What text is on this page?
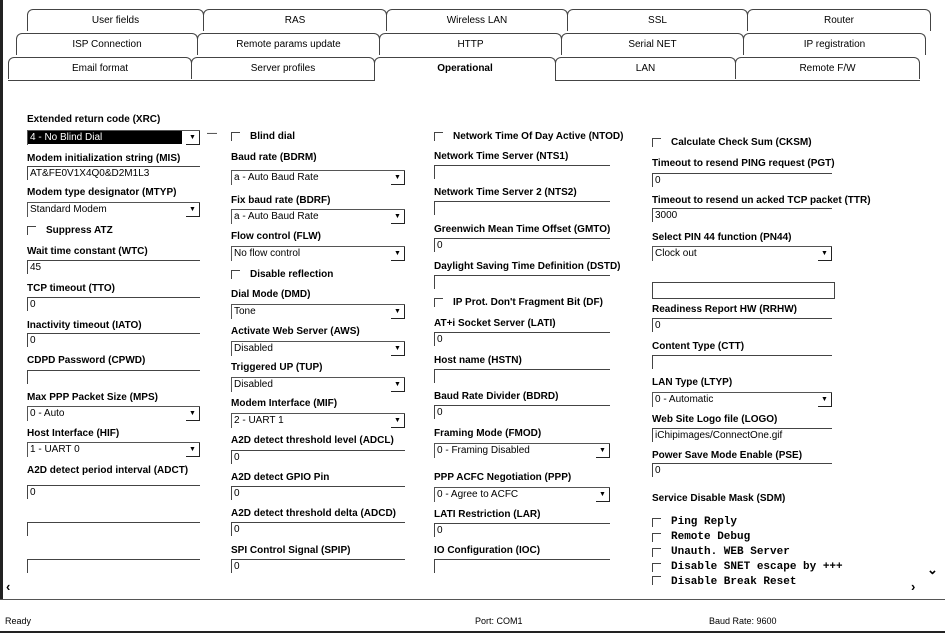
User fields	RAS	Wireless LAN	SSL	Router
ISP Connection	Remote params update	HTTP	Serial NET	IP registration
Email format	Server profiles	Operational	LAN	Remote F/W
Extended return code (XRC)
4 - No Blind Dial	▼
Modem initialization string (MIS)
AT&FE0V1X4Q0&D2M1L3
Modem type designator (MTYP)
Standard Modem	▼
Suppress ATZ
Wait time constant (WTC)
45
TCP timeout (TTO)
0
Inactivity timeout (IATO)
0
CDPD Password (CPWD)
Max PPP Packet Size (MPS)
0 - Auto	▼
Host Interface (HIF)
1 - UART 0	▼
A2D detect period interval (ADCT)
0
Blind dial
Baud rate (BDRM)
a - Auto Baud Rate	▼
Fix baud rate (BDRF)
a - Auto Baud Rate	▼
Flow control (FLW)
No flow control	▼
Disable reflection
Dial Mode (DMD)
Tone	▼
Activate Web Server (AWS)
Disabled	▼
Triggered UP (TUP)
Disabled	▼
Modem Interface (MIF)
2 - UART 1	▼
A2D detect threshold level (ADCL)
0
A2D detect GPIO Pin
0
A2D detect threshold delta (ADCD)
0
SPI Control Signal (SPIP)
0
Network Time Of Day Active (NTOD)
Network Time Server (NTS1)
Network Time Server 2 (NTS2)
Greenwich Mean Time Offset (GMTO)
0
Daylight Saving Time Definition (DSTD)
IP Prot. Don't Fragment Bit (DF)
AT+i Socket Server (LATI)
0
Host name (HSTN)
Baud Rate Divider (BDRD)
0
Framing Mode (FMOD)
0 - Framing Disabled	▼
PPP ACFC Negotiation (PPP)
0 - Agree to ACFC	▼
LATI Restriction (LAR)
0
IO Configuration (IOC)
Calculate Check Sum (CKSM)
Timeout to resend PING request (PGT)
0
Timeout to resend un acked TCP packet (TTR)
3000
Select PIN 44 function (PN44)
Clock out	▼
Readiness Report HW (RRHW)
0
Content Type (CTT)
LAN Type (LTYP)
0 - Automatic	▼
Web Site Logo file (LOGO)
iChipimages/ConnectOne.gif
Power Save Mode Enable (PSE)
0
Service Disable Mask (SDM)
Ping Reply
Remote Debug
Unauth. WEB Server
Disable SNET escape by +++
Disable Break Reset
—
‹	›
⌄
Ready	Port: COM1	Baud Rate: 9600
